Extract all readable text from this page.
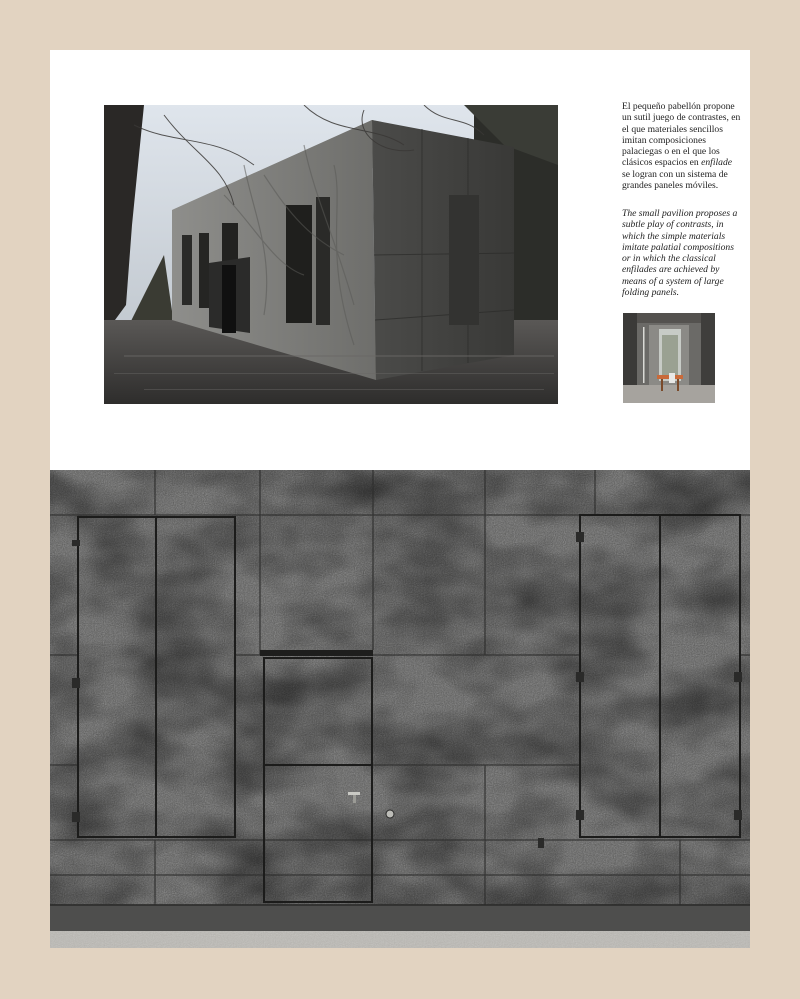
El pequeño pabellón propone un sutil juego de contrastes, en el que materiales sencillos imitan composiciones palaciegas o en el que los clásicos espacios en enfilade se logran con un sistema de grandes paneles móviles.

The small pavilion proposes a subtle play of contrasts, in which the simple materials imitate palatial compositions or in which the classical enfilades are achieved by means of a system of large folding panels.
